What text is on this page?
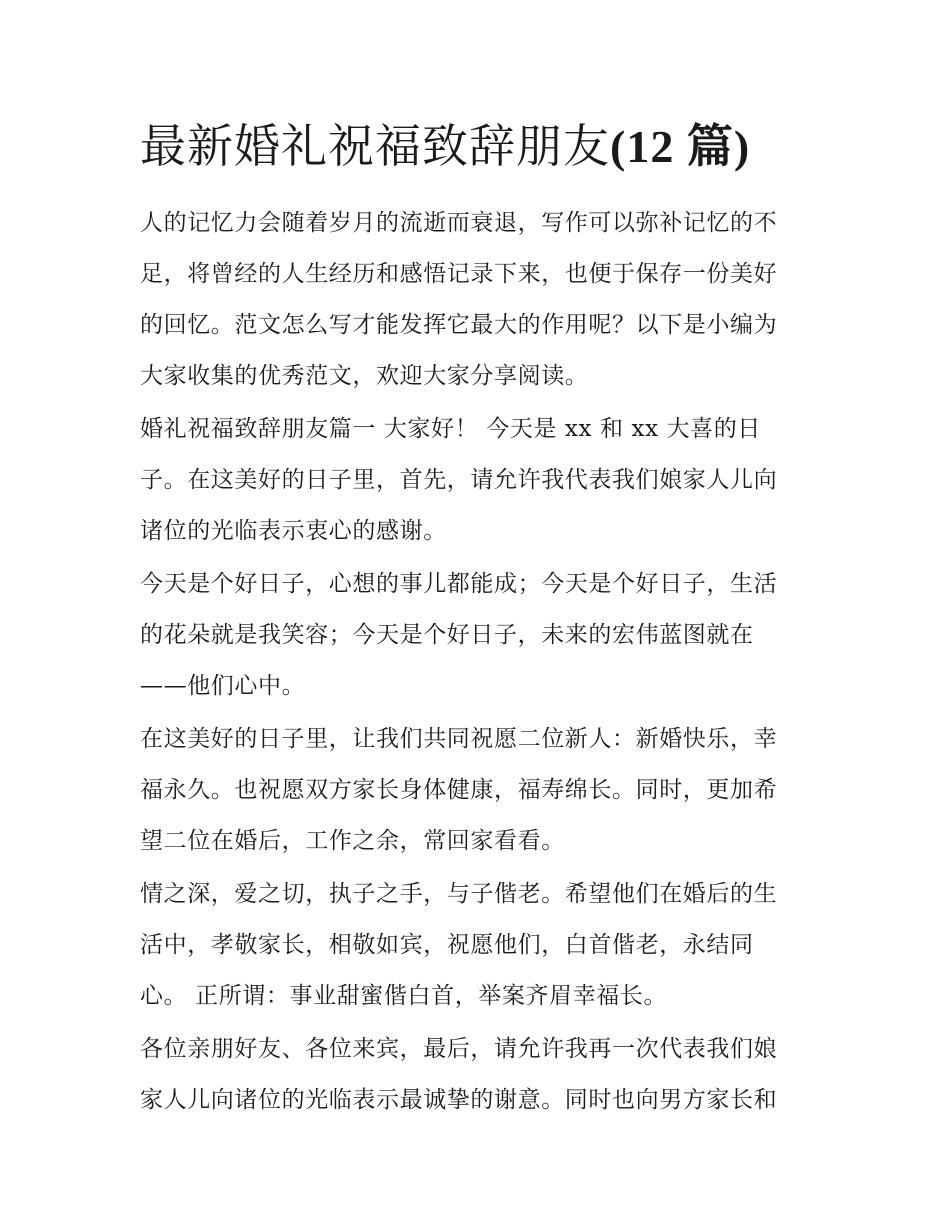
最新婚礼祝福致辞朋友(12 篇)
人的记忆力会随着岁月的流逝而衰退，写作可以弥补记忆的不
足，将曾经的人生经历和感悟记录下来，也便于保存一份美好
的回忆。范文怎么写才能发挥它最大的作用呢？以下是小编为
大家收集的优秀范文，欢迎大家分享阅读。
婚礼祝福致辞朋友篇一 大家好！ 今天是 xx 和 xx 大喜的日
子。在这美好的日子里，首先，请允许我代表我们娘家人儿向
诸位的光临表示衷心的感谢。
今天是个好日子，心想的事儿都能成；今天是个好日子，生活
的花朵就是我笑容；今天是个好日子，未来的宏伟蓝图就在
——他们心中。
在这美好的日子里，让我们共同祝愿二位新人：新婚快乐，幸
福永久。也祝愿双方家长身体健康，福寿绵长。同时，更加希
望二位在婚后，工作之余，常回家看看。
情之深，爱之切，执子之手，与子偕老。希望他们在婚后的生
活中，孝敬家长，相敬如宾，祝愿他们，白首偕老，永结同
心。 正所谓：事业甜蜜偕白首，举案齐眉幸福长。
各位亲朋好友、各位来宾，最后，请允许我再一次代表我们娘
家人儿向诸位的光临表示最诚挚的谢意。同时也向男方家长和
